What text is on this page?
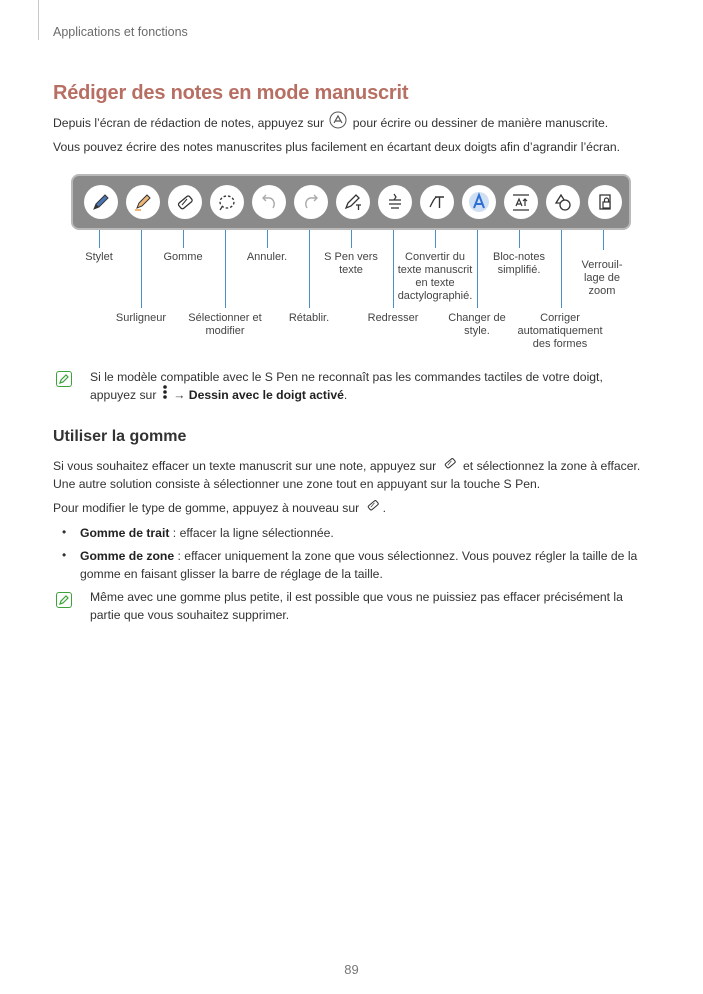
Applications et fonctions
Rédiger des notes en mode manuscrit
Depuis l’écran de rédaction de notes, appuyez sur pour écrire ou dessiner de manière manuscrite.
Vous pouvez écrire des notes manuscrites plus facilement en écartant deux doigts afin d’agrandir l’écran.
Stylet	Gomme	Annuler.	S Pen vers
texte
Convertir du
texte manuscrit
en texte
dactylographié.
Bloc-notes
simplifié.	Verrouil-
lage de
zoom
Surligneur	Sélectionner et
modifier
Rétablir.	Redresser	Changer de
style.
Corriger
automatiquement
des formes
Si le modèle compatible avec le S Pen ne reconnaît pas les commandes tactiles de votre doigt,
appuyez sur → Dessin avec le doigt activé.
Utiliser la gomme
Si vous souhaitez effacer un texte manuscrit sur une note, appuyez sur et sélectionnez la zone à effacer.
Une autre solution consiste à sélectionner une zone tout en appuyant sur la touche S Pen.
Pour modifier le type de gomme, appuyez à nouveau sur .
• Gomme de trait : effacer la ligne sélectionnée.
• Gomme de zone : effacer uniquement la zone que vous sélectionnez. Vous pouvez régler la taille de la
gomme en faisant glisser la barre de réglage de la taille.
Même avec une gomme plus petite, il est possible que vous ne puissiez pas effacer précisément la
partie que vous souhaitez supprimer.
89
